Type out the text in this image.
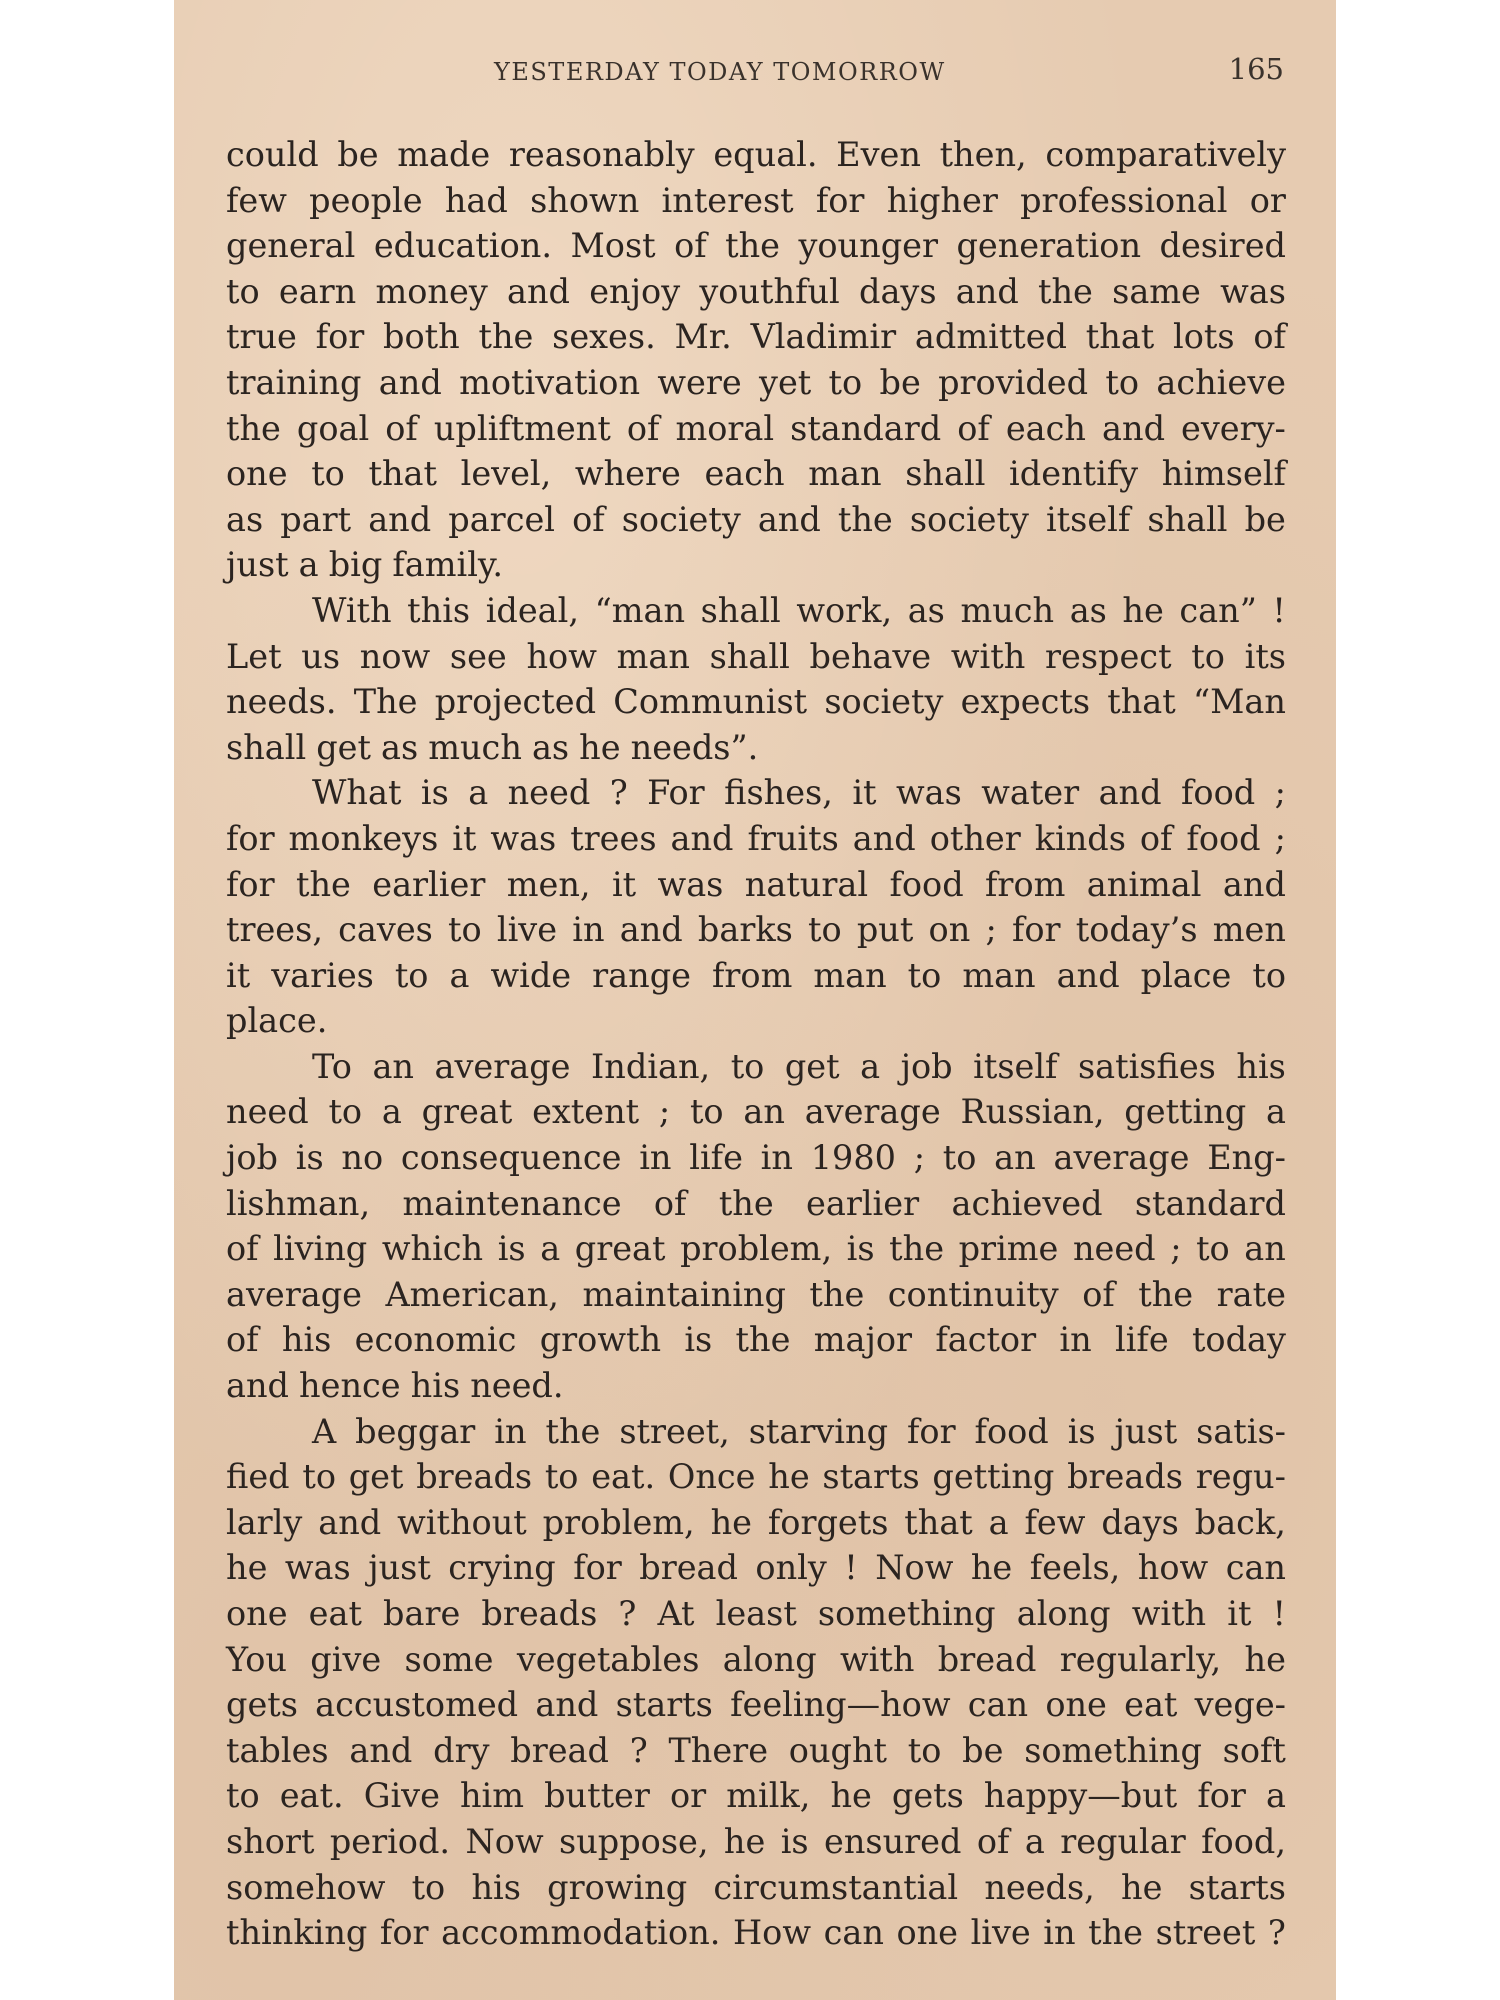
YESTERDAY TODAY TOMORROW	165
could be made reasonably equal. Even then, comparatively
few people had shown interest for higher professional or
general education. Most of the younger generation desired
to earn money and enjoy youthful days and the same was
true for both the sexes. Mr. Vladimir admitted that lots of
training and motivation were yet to be provided to achieve
the goal of upliftment of moral standard of each and every-
one to that level, where each man shall identify himself
as part and parcel of society and the society itself shall be
just a big family.
With this ideal, “man shall work, as much as he can” !
Let us now see how man shall behave with respect to its
needs. The projected Communist society expects that “Man
shall get as much as he needs”.
What is a need ? For fishes, it was water and food ;
for monkeys it was trees and fruits and other kinds of food ;
for the earlier men, it was natural food from animal and
trees, caves to live in and barks to put on ; for today’s men
it varies to a wide range from man to man and place to
place.
To an average Indian, to get a job itself satisfies his
need to a great extent ; to an average Russian, getting a
job is no consequence in life in 1980 ; to an average Eng-
lishman, maintenance of the earlier achieved standard
of living which is a great problem, is the prime need ; to an
average American, maintaining the continuity of the rate
of his economic growth is the major factor in life today
and hence his need.
A beggar in the street, starving for food is just satis-
fied to get breads to eat. Once he starts getting breads regu-
larly and without problem, he forgets that a few days back,
he was just crying for bread only ! Now he feels, how can
one eat bare breads ? At least something along with it !
You give some vegetables along with bread regularly, he
gets accustomed and starts feeling—how can one eat vege-
tables and dry bread ? There ought to be something soft
to eat. Give him butter or milk, he gets happy—but for a
short period. Now suppose, he is ensured of a regular food,
somehow to his growing circumstantial needs, he starts
thinking for accommodation. How can one live in the street ?
